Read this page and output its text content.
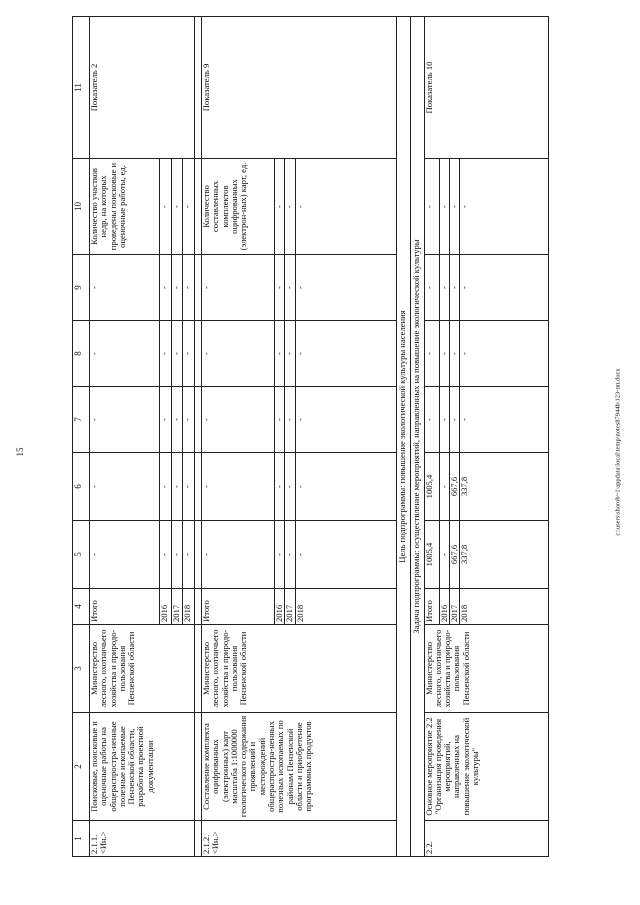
15	c:\users\shorob~1\appdata\local\temp\notes87944b\123-пп.docx
1	2	3	4	5	6	7	8	9	10	11
2.1.1. <Ин.>	Поисковые, поисковые и оценочные работы на общераспростра-ненные полезные ископаемые Пензенской области, разработка проектной документации	Министерство лесного, охотничьего хозяйства и природо-пользования Пензенской области	Итого	-	-	-	-	-	Количество участков недр, на которых проведены поисковые и оценочные работы, ед.	Показатель 2
			2016	-	-	-	-	-	-	
			2017	-	-	-	-	-	-	
			2018	-	-	-	-	-	-	

2.1.2. <Ин.>	Составление комплекта оцифрованных (электронных) карт масштаба 1:1000000 геологического содержания проявлений и месторождений общераспростра-ненных полезных ископаемых по районам Пензенской области и приобретение программных продуктов	Министерство лесного, охотничьего хозяйства и природо-пользования Пензенской области	Итого	-	-	-	-	-	Количество составленных комплектов оцифрованных (электрон-ных) карт, ед.	Показатель 9
			2016	-	-	-	-	-	-	
			2017	-	-	-	-	-	-	
			2018	-	-	-	-	-	-	
Цель подпрограммы: повышение экологической культуры населения										
Задача подпрограммы: осуществление мероприятий, направленных на повышение экологической культуры										
2.2.	Основное мероприятие 2.2 "Организация проведения мероприятий, направленных на повышение экологической культуры"	Министерство лесного, охотничьего хозяйства и природо-пользования Пензенской области	Итого	1005,4	1005,4	-	-	-	-	Показатель 10
			2016	-	-	-	-	-	-	
			2017	667,6	667,6	-	-	-	-	
			2018	337,8	337,8	-	-	-	-	
